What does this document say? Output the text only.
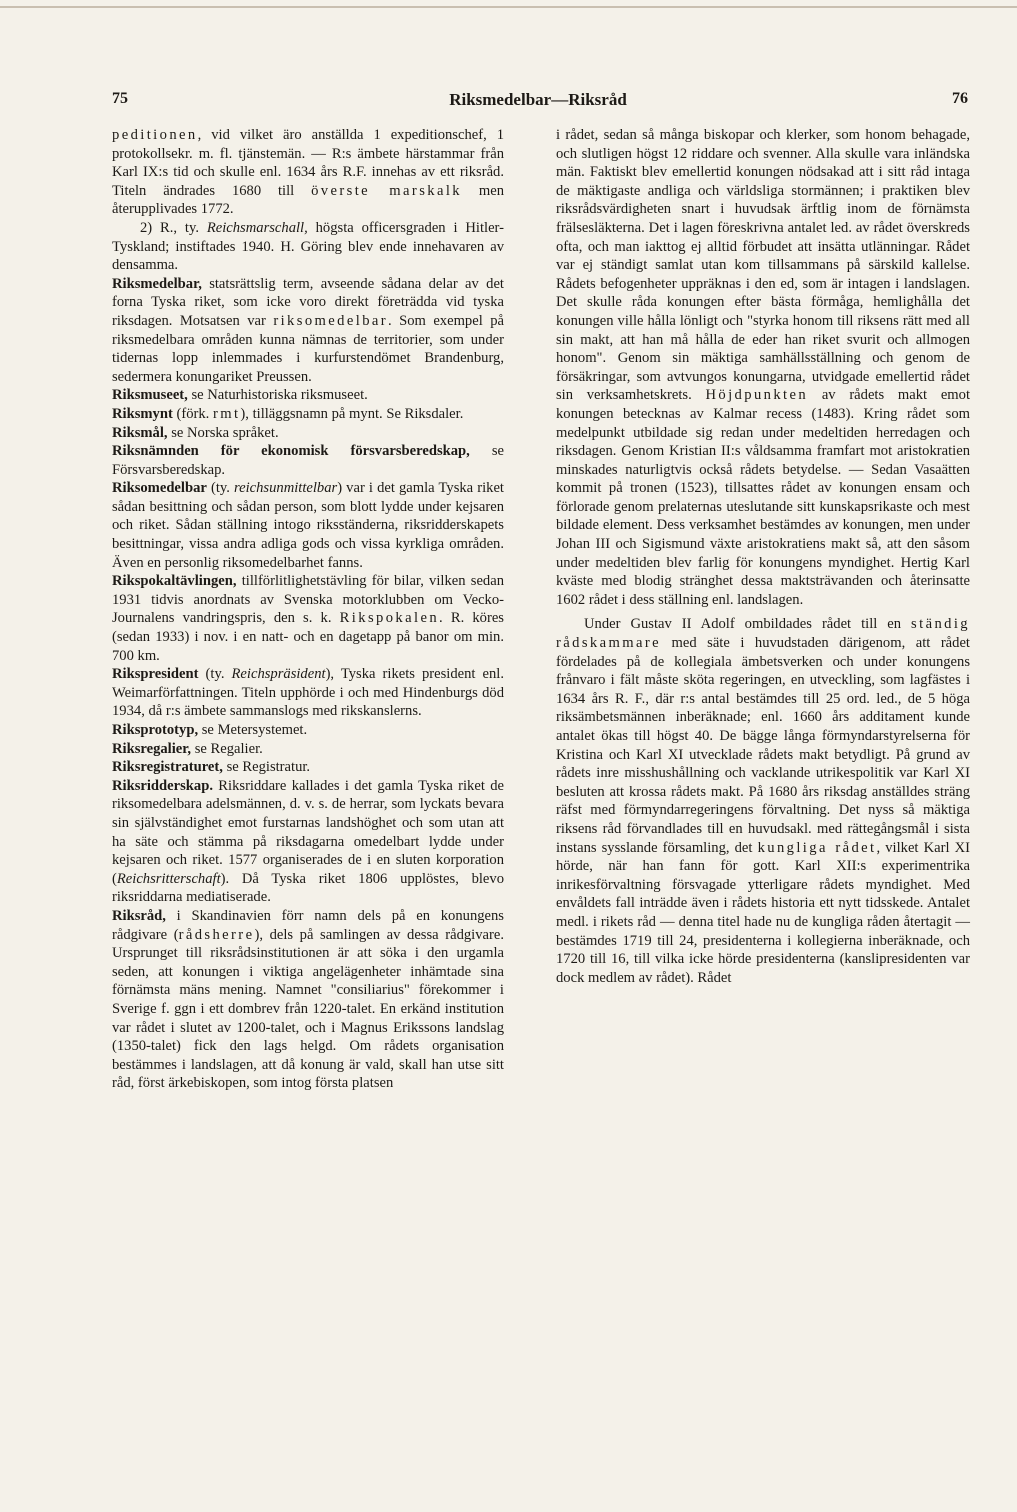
75	Riksmedelbar—Riksråd	76

peditionen, vid vilket äro anställda 1 expeditionschef, 1 protokollsekr. m. fl. tjänstemän. — R:s ämbete härstammar från Karl IX:s tid och skulle enl. 1634 års R.F. innehas av ett riksråd. Titeln ändrades 1680 till överste marskalk men återupplivades 1772.

2) R., ty. Reichsmarschall, högsta officersgraden i Hitler-Tyskland; instiftades 1940. H. Göring blev ende innehavaren av densamma.

Riksmedelbar, statsrättslig term, avseende sådana delar av det forna Tyska riket, som icke voro direkt företrädda vid tyska riksdagen. Motsatsen var riksomedelbar. Som exempel på riksmedelbara områden kunna nämnas de territorier, som under tidernas lopp inlemmades i kurfurstendömet Brandenburg, sedermera konungariket Preussen.

Riksmuseet, se Naturhistoriska riksmuseet.

Riksmynt (förk. rmt), tilläggsnamn på mynt. Se Riksdaler.

Riksmål, se Norska språket.

Riksnämnden för ekonomisk försvarsberedskap, se Försvarsberedskap.

Riksomedelbar (ty. reichsunmittelbar) var i det gamla Tyska riket sådan besittning och sådan person, som blott lydde under kejsaren och riket. Sådan ställning intogo riksständerna, riksridderskapets besittningar, vissa andra adliga gods och vissa kyrkliga områden. Även en personlig riksomedelbarhet fanns.

Rikspokaltävlingen, tillförlitlighetstävling för bilar, vilken sedan 1931 tidvis anordnats av Svenska motorklubben om Vecko-Journalens vandringspris, den s. k. Rikspokalen. R. köres (sedan 1933) i nov. i en natt- och en dagetapp på banor om min. 700 km.

Rikspresident (ty. Reichspräsident), Tyska rikets president enl. Weimarförfattningen. Titeln upphörde i och med Hindenburgs död 1934, då r:s ämbete sammanslogs med rikskanslerns.

Riksprototyp, se Metersystemet.

Riksregalier, se Regalier.

Riksregistraturet, se Registratur.

Riksridderskap. Riksriddare kallades i det gamla Tyska riket de riksomedelbara adelsmännen, d. v. s. de herrar, som lyckats bevara sin självständighet emot furstarnas landshöghet och som utan att ha säte och stämma på riksdagarna omedelbart lydde under kejsaren och riket. 1577 organiserades de i en sluten korporation (Reichsritterschaft). Då Tyska riket 1806 upplöstes, blevo riksriddarna mediatiserade.

Riksråd, i Skandinavien förr namn dels på en konungens rådgivare (rådsherre), dels på samlingen av dessa rådgivare. Ursprunget till riksrådsinstitutionen är att söka i den urgamla seden, att konungen i viktiga angelägenheter inhämtade sina förnämsta mäns mening. Namnet "consiliarius" förekommer i Sverige f. ggn i ett dombrev från 1220-talet. En erkänd institution var rådet i slutet av 1200-talet, och i Magnus Erikssons landslag (1350-talet) fick den lags helgd. Om rådets organisation bestämmes i landslagen, att då konung är vald, skall han utse sitt råd, först ärkebiskopen, som intog första platsen

i rådet, sedan så många biskopar och klerker, som honom behagade, och slutligen högst 12 riddare och svenner. Alla skulle vara inländska män. Faktiskt blev emellertid konungen nödsakad att i sitt råd intaga de mäktigaste andliga och världsliga stormännen; i praktiken blev riksrådsvärdigheten snart i huvudsak ärftlig inom de förnämsta frälsesläkterna. Det i lagen föreskrivna antalet led. av rådet överskreds ofta, och man iakttog ej alltid förbudet att insätta utlänningar. Rådet var ej ständigt samlat utan kom tillsammans på särskild kallelse. Rådets befogenheter uppräknas i den ed, som är intagen i landslagen. Det skulle råda konungen efter bästa förmåga, hemlighålla det konungen ville hålla lönligt och "styrka honom till riksens rätt med all sin makt, att han må hålla de eder han riket svurit och allmogen honom". Genom sin mäktiga samhällsställning och genom de försäkringar, som avtvungos konungarna, utvidgade emellertid rådet sin verksamhetskrets. Höjdpunkten av rådets makt emot konungen betecknas av Kalmar recess (1483). Kring rådet som medelpunkt utbildade sig redan under medeltiden herredagen och riksdagen. Genom Kristian II:s våldsamma framfart mot aristokratien minskades naturligtvis också rådets betydelse. — Sedan Vasaätten kommit på tronen (1523), tillsattes rådet av konungen ensam och förlorade genom prelaternas uteslutande sitt kunskapsrikaste och mest bildade element. Dess verksamhet bestämdes av konungen, men under Johan III och Sigismund växte aristokratiens makt så, att den såsom under medeltiden blev farlig för konungens myndighet. Hertig Karl kväste med blodig stränghet dessa maktsträvanden och återinsatte 1602 rådet i dess ställning enl. landslagen.

Under Gustav II Adolf ombildades rådet till en ständig rådskammare med säte i huvudstaden därigenom, att rådet fördelades på de kollegiala ämbetsverken och under konungens frånvaro i fält måste sköta regeringen, en utveckling, som lagfästes i 1634 års R. F., där r:s antal bestämdes till 25 ord. led., de 5 höga riksämbetsmännen inberäknade; enl. 1660 års additament kunde antalet ökas till högst 40. De bägge långa förmyndarstyrelserna för Kristina och Karl XI utvecklade rådets makt betydligt. På grund av rådets inre misshushållning och vacklande utrikespolitik var Karl XI besluten att krossa rådets makt. På 1680 års riksdag anställdes sträng räfst med förmyndarregeringens förvaltning. Det nyss så mäktiga riksens råd förvandlades till en huvudsakl. med rättegångsmål i sista instans sysslande församling, det kungliga rådet, vilket Karl XI hörde, när han fann för gott. Karl XII:s experimentrika inrikesförvaltning försvagade ytterligare rådets myndighet. Med envåldets fall inträdde även i rådets historia ett nytt tidsskede. Antalet medl. i rikets råd — denna titel hade nu de kungliga råden återtagit — bestämdes 1719 till 24, presidenterna i kollegierna inberäknade, och 1720 till 16, till vilka icke hörde presidenterna (kanslipresidenten var dock medlem av rådet). Rådet
